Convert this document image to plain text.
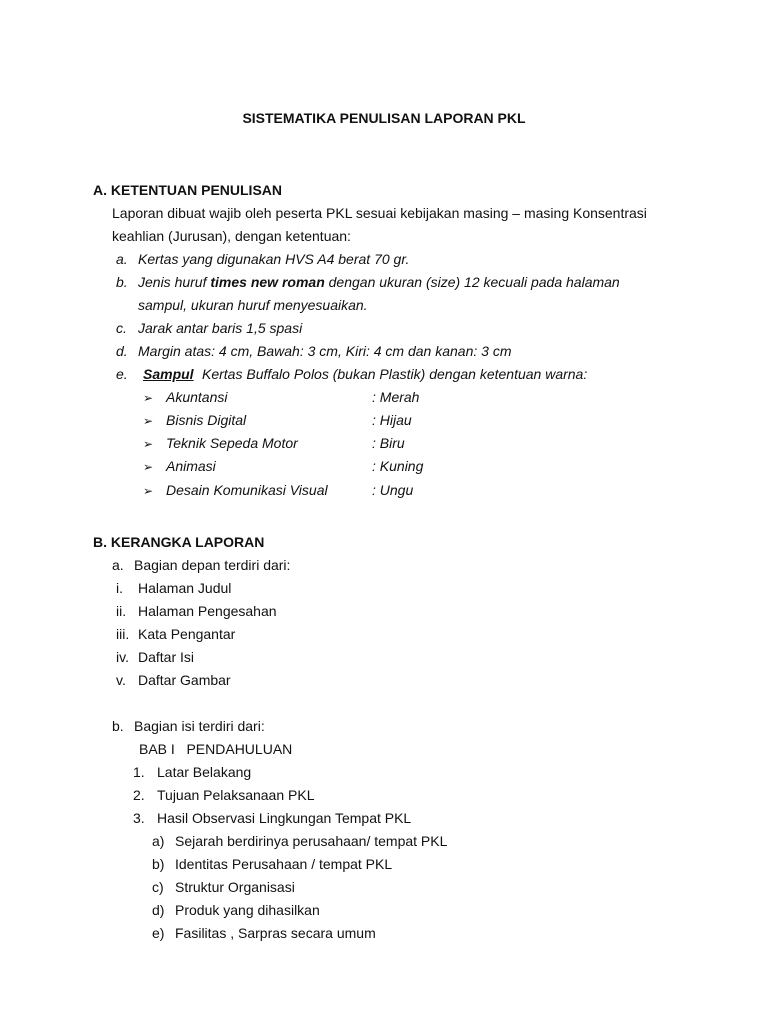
SISTEMATIKA PENULISAN LAPORAN PKL
A. KETENTUAN PENULISAN
Laporan dibuat wajib oleh peserta PKL sesuai kebijakan masing – masing Konsentrasi
keahlian (Jurusan), dengan ketentuan:
a. Kertas yang digunakan HVS A4 berat 70 gr.
b. Jenis huruf times new roman dengan ukuran (size) 12 kecuali pada halaman
sampul, ukuran huruf menyesuaikan.
c. Jarak antar baris 1,5 spasi
d. Margin atas: 4 cm, Bawah: 3 cm, Kiri: 4 cm dan kanan: 3 cm
e. Sampul Kertas Buffalo Polos (bukan Plastik) dengan ketentuan warna:
➢ Akuntansi	: Merah
➢ Bisnis Digital	: Hijau
➢ Teknik Sepeda Motor	: Biru
➢ Animasi	: Kuning
➢ Desain Komunikasi Visual	: Ungu
B. KERANGKA LAPORAN
a. Bagian depan terdiri dari:
i. Halaman Judul
ii. Halaman Pengesahan
iii. Kata Pengantar
iv. Daftar Isi
v. Daftar Gambar
b. Bagian isi terdiri dari:
BAB I   PENDAHULUAN
1. Latar Belakang
2. Tujuan Pelaksanaan PKL
3. Hasil Observasi Lingkungan Tempat PKL
a) Sejarah berdirinya perusahaan/ tempat PKL
b) Identitas Perusahaan / tempat PKL
c) Struktur Organisasi
d) Produk yang dihasilkan
e) Fasilitas , Sarpras secara umum
